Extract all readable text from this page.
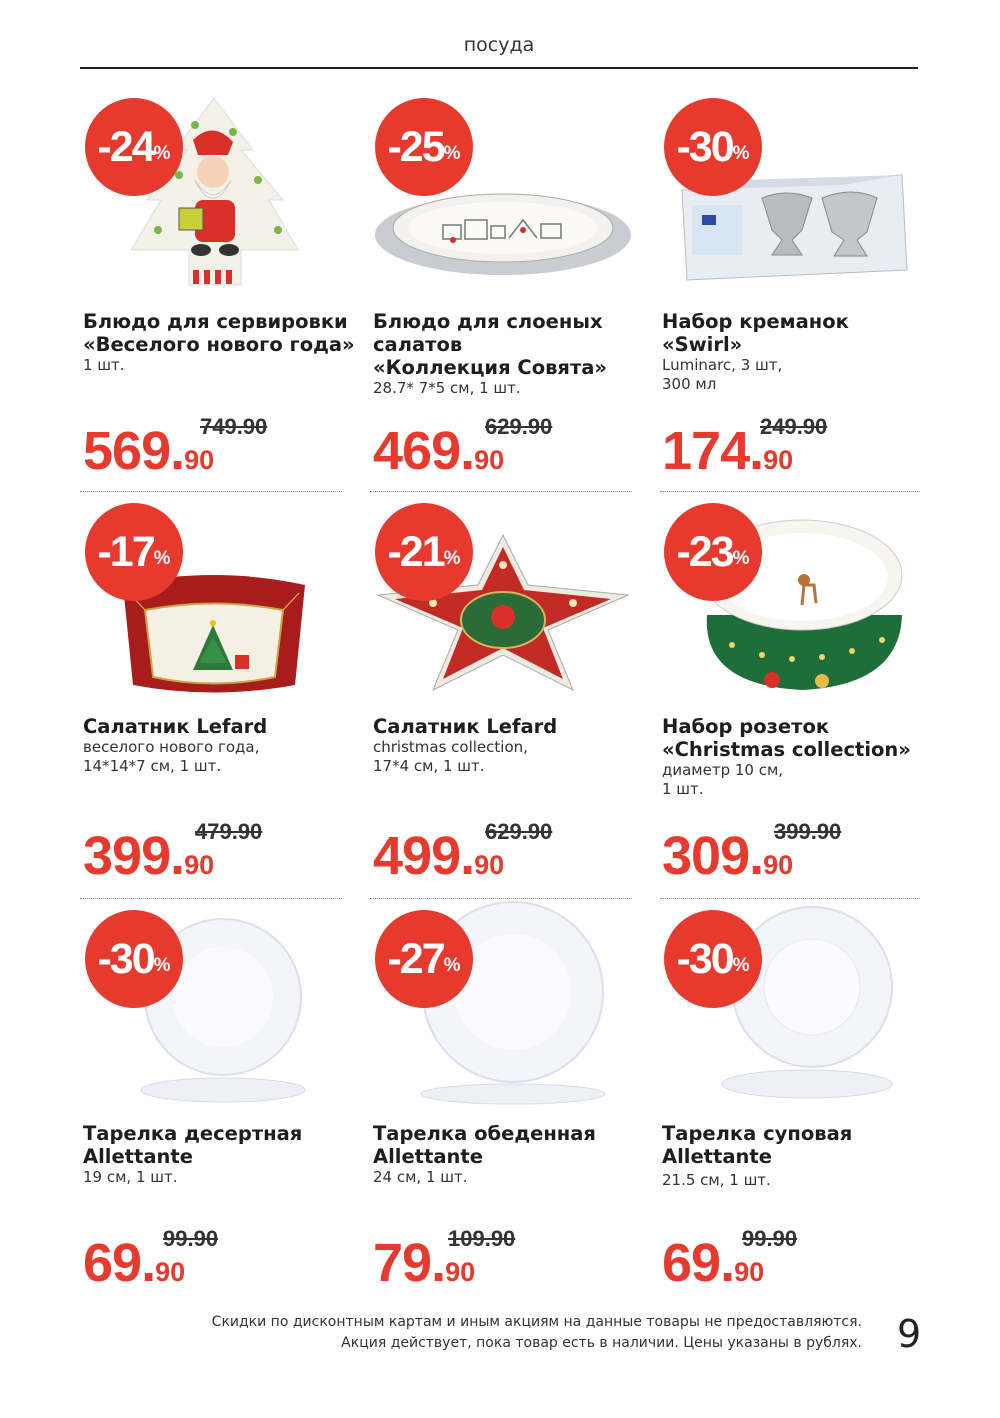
посуда
-24 %
Блюдо для сервировки
«Веселого нового года»
1 шт.
569.90
749.90
-25 %
Блюдо для слоеных
салатов
«Коллекция Совята»
28.7* 7*5 см, 1 шт.
469.90
629.90
-30 %
Набор креманок
«Swirl»
Luminarc, 3 шт,
300 мл
174.90
249.90
-17 %
Салатник Lefard
веселого нового года,
14*14*7 см, 1 шт.
399.90
479.90
-21 %
Салатник Lefard
christmas collection,
17*4 см, 1 шт.
499.90
629.90
-23 %
Набор розеток
«Christmas collection»
диаметр 10 см,
1 шт.
309.90
399.90
-30 %
Тарелка десертная
Allettante
19 см, 1 шт.
69.90
99.90
-27 %
Тарелка обеденная
Allettante
24 см, 1 шт.
79.90
109.90
-30 %
Тарелка суповая
Allettante
21.5 см, 1 шт.
69.90
99.90
Скидки по дисконтным картам и иным акциям на данные товары не предоставляются.
Акция действует, пока товар есть в наличии. Цены указаны в рублях. 9
